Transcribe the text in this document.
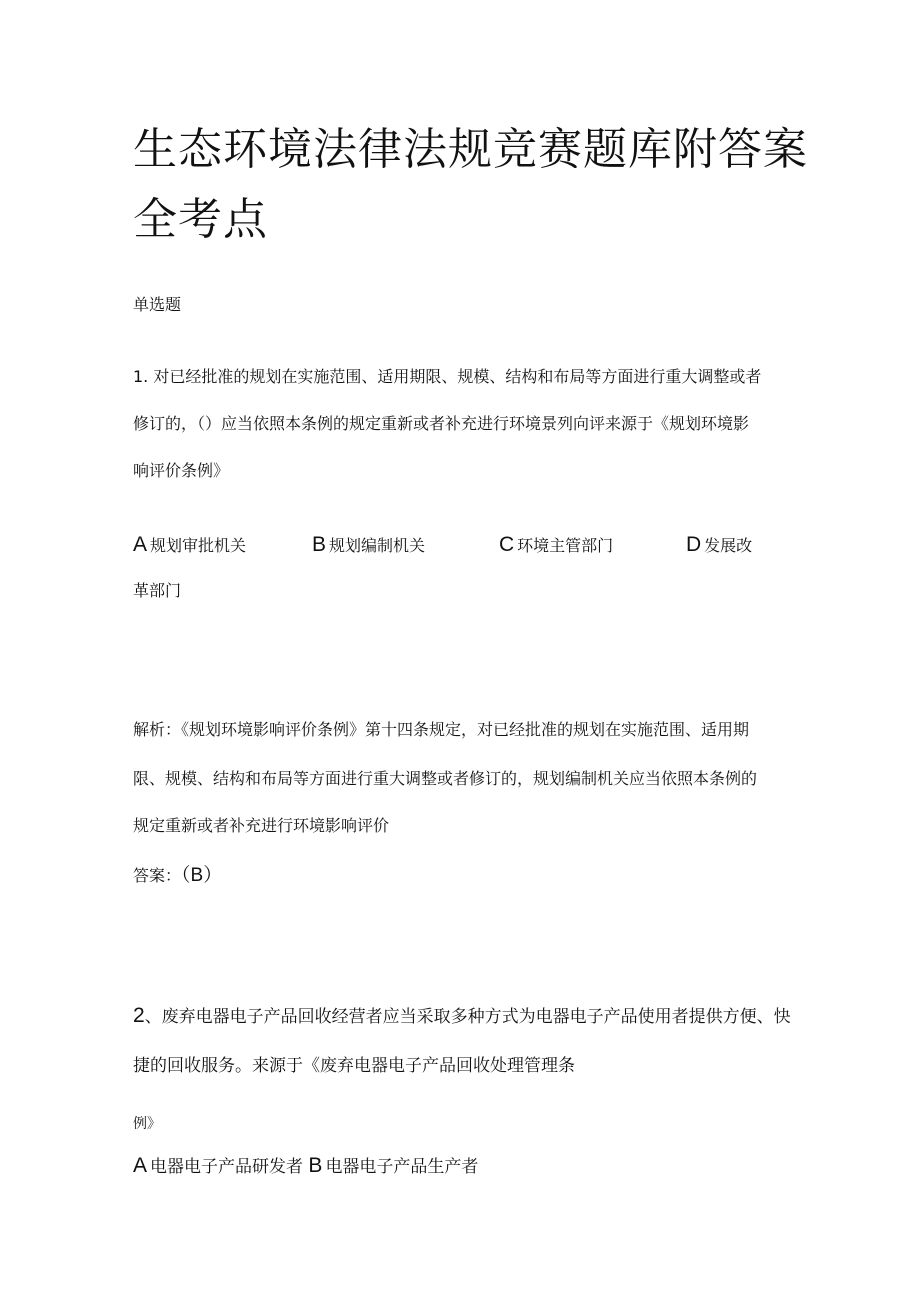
生态环境法律法规竞赛题库附答案
全考点
单选题
1. 对已经批准的规划在实施范围、适用期限、规模、结构和布局等方面进行重大调整或者
修订的，（）应当依照本条例的规定重新或者补充进行环境景列向评来源于《规划环境影
响评价条例》
A 规划审批机关	B 规划编制机关	C 环境主管部门	D 发展改
革部门
解析：《规划环境影响评价条例》第十四条规定，对已经批准的规划在实施范围、适用期
限、规模、结构和布局等方面进行重大调整或者修订的，规划编制机关应当依照本条例的
规定重新或者补充进行环境影响评价
答案：（B）
2、废弃电器电子产品回收经营者应当采取多种方式为电器电子产品使用者提供方便、快
捷的回收服务。来源于《废弃电器电子产品回收处理管理条
例》
A 电器电子产品研发者 B 电器电子产品生产者
